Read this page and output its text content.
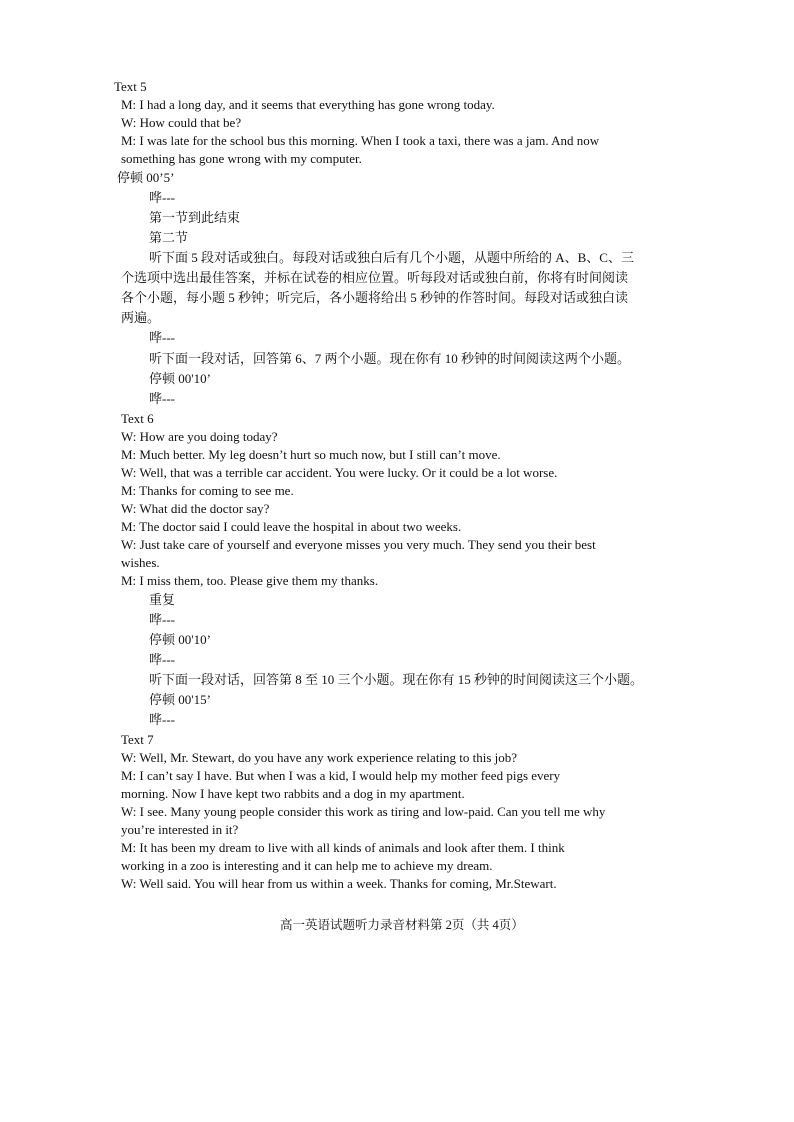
Text 5
M: I had a long day, and it seems that everything has gone wrong today.
W: How could that be?
M: I was late for the school bus this morning. When I took a taxi, there was a jam. And now
something has gone wrong with my computer.
停顿 00’5’
哗---
第一节到此结束
第二节
听下面 5 段对话或独白。每段对话或独白后有几个小题，从题中所给的 A、B、C、三
个选项中选出最佳答案，并标在试卷的相应位置。听每段对话或独白前，你将有时间阅读
各个小题，每小题 5 秒钟；听完后，各小题将给出 5 秒钟的作答时间。每段对话或独白读
两遍。
哗---
听下面一段对话，回答第 6、7 两个小题。现在你有 10 秒钟的时间阅读这两个小题。
停顿 00'10’
哗---
Text 6
W: How are you doing today?
M: Much better. My leg doesn’t hurt so much now, but I still can’t move.
W: Well, that was a terrible car accident. You were lucky. Or it could be a lot worse.
M: Thanks for coming to see me.
W: What did the doctor say?
M: The doctor said I could leave the hospital in about two weeks.
W: Just take care of yourself and everyone misses you very much. They send you their best
wishes.
M: I miss them, too. Please give them my thanks.
重复
哗---
停顿 00'10’
哗---
听下面一段对话，回答第 8 至 10 三个小题。现在你有 15 秒钟的时间阅读这三个小题。
停顿 00'15’
哗---
Text 7
W: Well, Mr. Stewart, do you have any work experience relating to this job?
M: I can’t say I have. But when I was a kid, I would help my mother feed pigs every
morning. Now I have kept two rabbits and a dog in my apartment.
W: I see. Many young people consider this work as tiring and low-paid. Can you tell me why
you’re interested in it?
M: It has been my dream to live with all kinds of animals and look after them. I think
working in a zoo is interesting and it can help me to achieve my dream.
W: Well said. You will hear from us within a week. Thanks for coming, Mr.Stewart.
高一英语试题听力录音材料第 2页（共 4页）
